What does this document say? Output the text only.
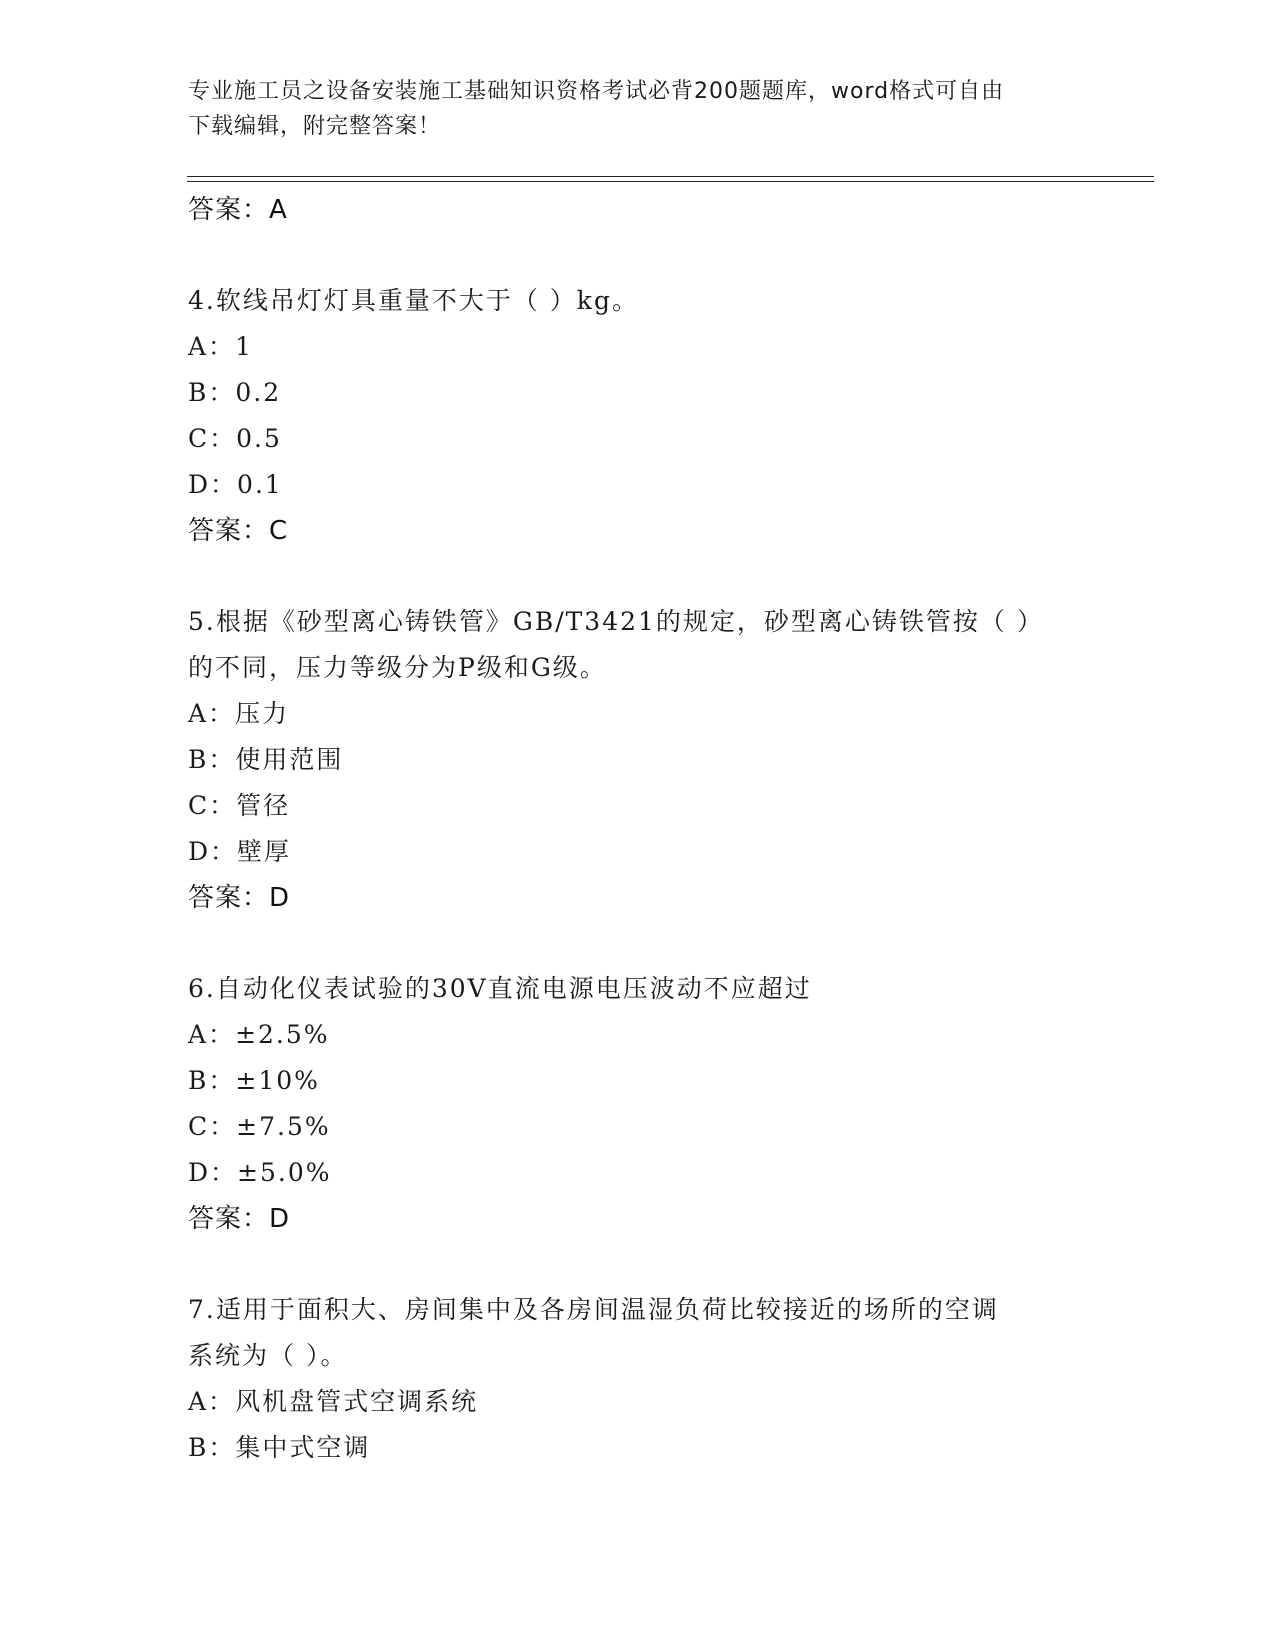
专业施工员之设备安装施工基础知识资格考试必背200题题库，word格式可自由
下载编辑，附完整答案！
答案：A
4.软线吊灯灯具重量不大于（ ）kg。
A：1
B：0.2
C：0.5
D：0.1
答案：C
5.根据《砂型离心铸铁管》GB/T3421的规定，砂型离心铸铁管按（ ）
的不同，压力等级分为P级和G级。
A：压力
B：使用范围
C：管径
D：壁厚
答案：D
6.自动化仪表试验的30V直流电源电压波动不应超过
A：±2.5%
B：±10%
C：±7.5%
D：±5.0%
答案：D
7.适用于面积大、房间集中及各房间温湿负荷比较接近的场所的空调
系统为（ ）。
A：风机盘管式空调系统
B：集中式空调
